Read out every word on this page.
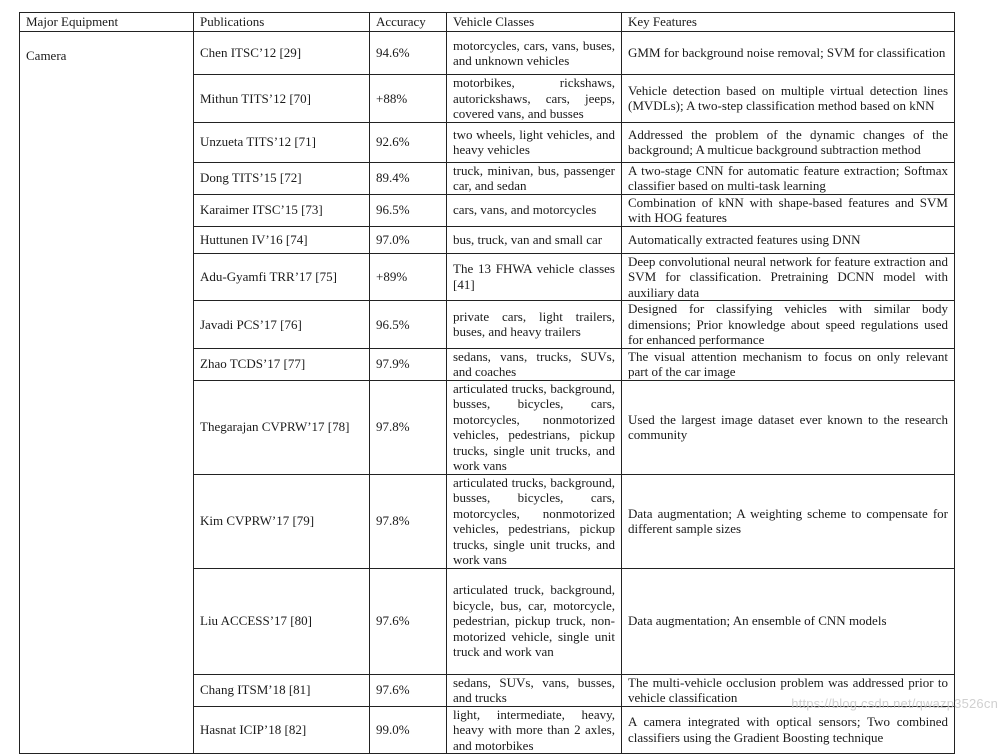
Major Equipment	Publications	Accuracy	Vehicle Classes	Key Features
Camera	Chen ITSC’12 [29]	94.6%	motorcycles, cars, vans, buses, and unknown vehicles	GMM for background noise removal; SVM for classification
	Mithun TITS’12 [70]	+88%	motorbikes, rickshaws, autorickshaws, cars, jeeps, covered vans, and busses	Vehicle detection based on multiple virtual detection lines (MVDLs); A two-step classification method based on kNN
	Unzueta TITS’12 [71]	92.6%	two wheels, light vehicles, and heavy vehicles	Addressed the problem of the dynamic changes of the background; A multicue background subtraction method
	Dong TITS’15 [72]	89.4%	truck, minivan, bus, passenger car, and sedan	A two-stage CNN for automatic feature extraction; Softmax classifier based on multi-task learning
	Karaimer ITSC’15 [73]	96.5%	cars, vans, and motorcycles	Combination of kNN with shape-based features and SVM with HOG features
	Huttunen IV’16 [74]	97.0%	bus, truck, van and small car	Automatically extracted features using DNN
	Adu-Gyamfi TRR’17 [75]	+89%	The 13 FHWA vehicle classes [41]	Deep convolutional neural network for feature extraction and SVM for classification. Pretraining DCNN model with auxiliary data
	Javadi PCS’17 [76]	96.5%	private cars, light trailers, buses, and heavy trailers	Designed for classifying vehicles with similar body dimensions; Prior knowledge about speed regulations used for enhanced performance
	Zhao TCDS’17 [77]	97.9%	sedans, vans, trucks, SUVs, and coaches	The visual attention mechanism to focus on only relevant part of the car image
	Thegarajan CVPRW’17 [78]	97.8%	articulated trucks, background, busses, bicycles, cars, motorcycles, nonmotorized vehicles, pedestrians, pickup trucks, single unit trucks, and work vans	Used the largest image dataset ever known to the research community
	Kim CVPRW’17 [79]	97.8%	articulated trucks, background, busses, bicycles, cars, motorcycles, nonmotorized vehicles, pedestrians, pickup trucks, single unit trucks, and work vans	Data augmentation; A weighting scheme to compensate for different sample sizes
	Liu ACCESS’17 [80]	97.6%	articulated truck, background, bicycle, bus, car, motorcycle, pedestrian, pickup truck, non-motorized vehicle, single unit truck and work van	Data augmentation; An ensemble of CNN models
	Chang ITSM’18 [81]	97.6%	sedans, SUVs, vans, busses, and trucks	The multi-vehicle occlusion problem was addressed prior to vehicle classification
	Hasnat ICIP’18 [82]	99.0%	light, intermediate, heavy, heavy with more than 2 axles, and motorbikes	A camera integrated with optical sensors; Two combined classifiers using the Gradient Boosting technique
https://blog.csdn.net/qwazp3526cn
